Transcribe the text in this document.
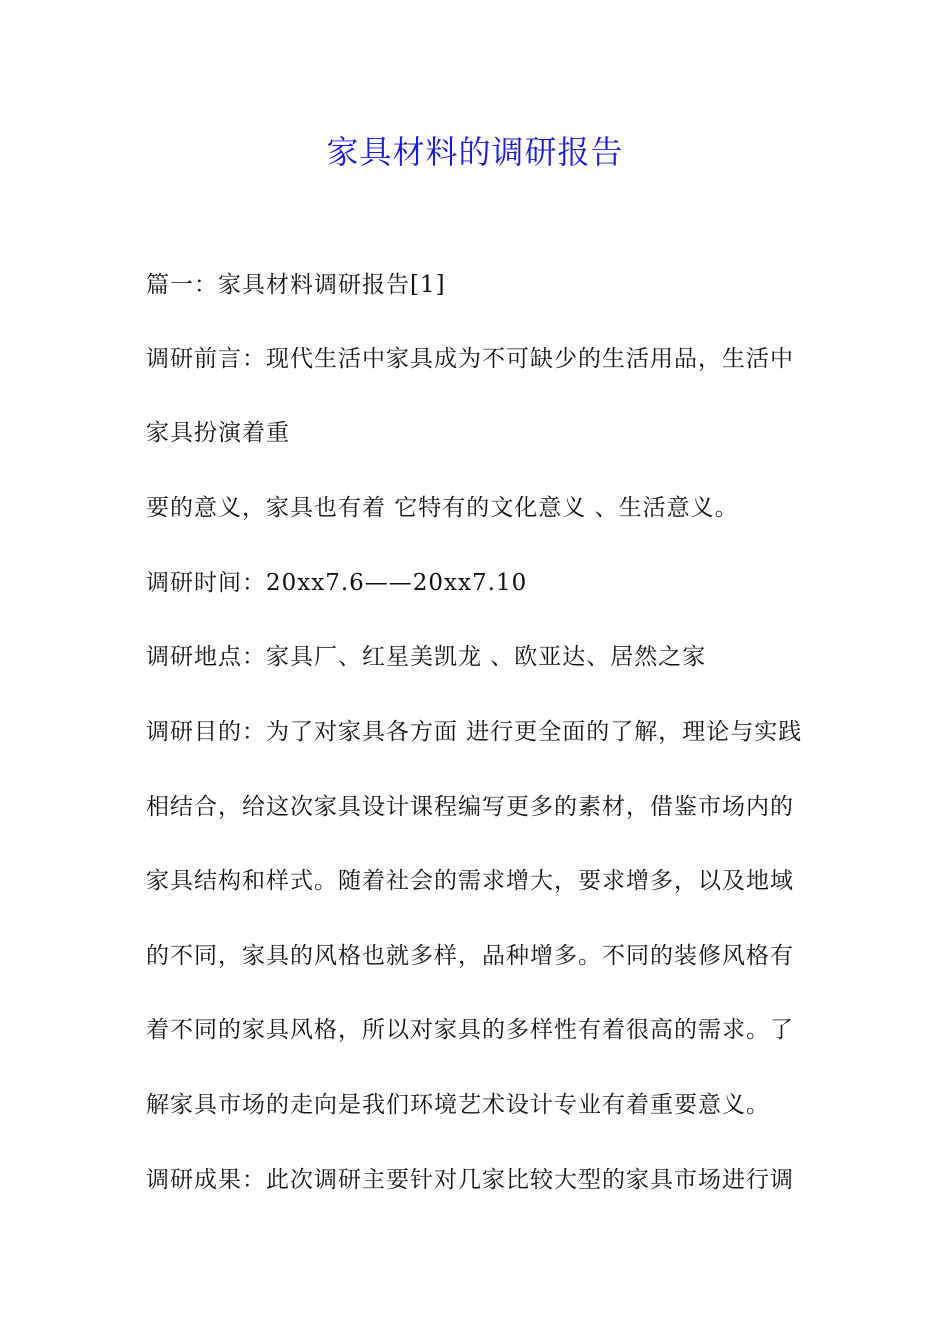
家具材料的调研报告

篇一：家具材料调研报告[1]

调研前言：现代生活中家具成为不可缺少的生活用品，生活中

家具扮演着重

要的意义，家具也有着 它特有的文化意义 、生活意义。

调研时间：20xx7.6——20xx7.10

调研地点：家具厂、红星美凯龙 、欧亚达、居然之家

调研目的：为了对家具各方面 进行更全面的了解，理论与实践

相结合，给这次家具设计课程编写更多的素材，借鉴市场内的

家具结构和样式。随着社会的需求增大，要求增多，以及地域

的不同，家具的风格也就多样，品种增多。不同的装修风格有

着不同的家具风格，所以对家具的多样性有着很高的需求。了

解家具市场的走向是我们环境艺术设计专业有着重要意义。

调研成果：此次调研主要针对几家比较大型的家具市场进行调
